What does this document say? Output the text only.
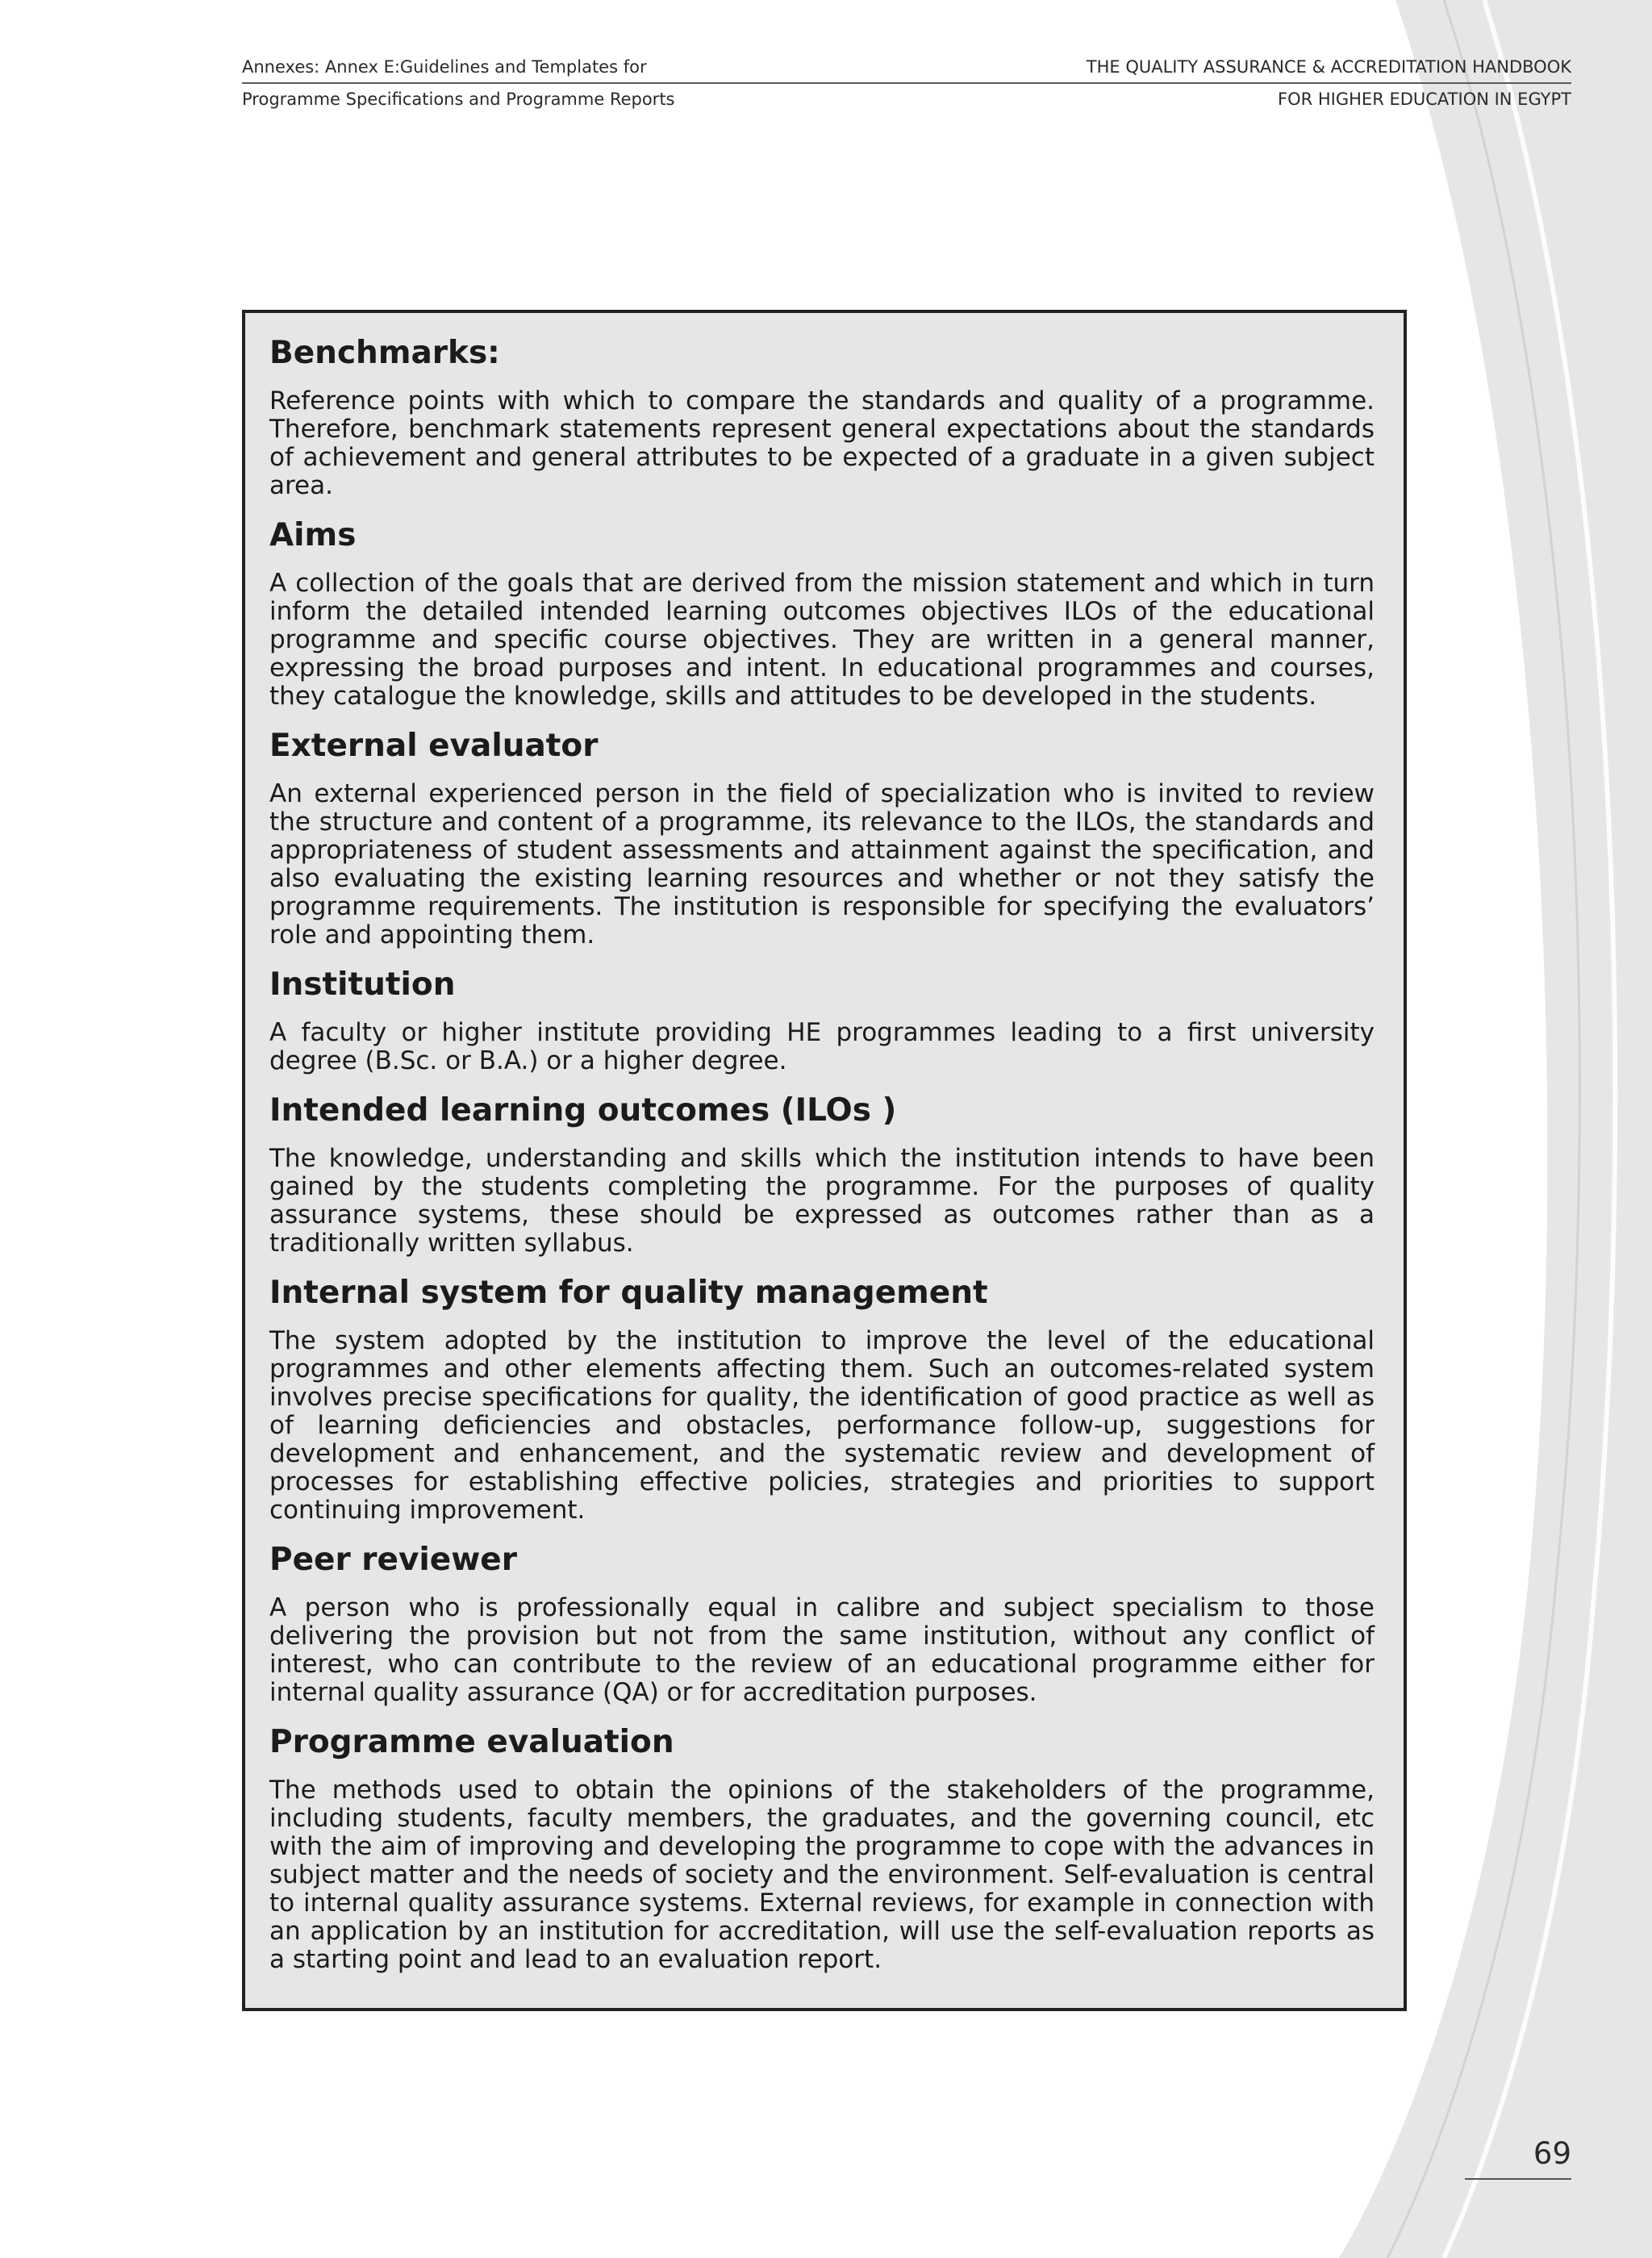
Annexes: Annex E:Guidelines and Templates for	THE QUALITY ASSURANCE & ACCREDITATION HANDBOOK
Programme Specifications and Programme Reports	FOR HIGHER EDUCATION IN EGYPT
Benchmarks:

Reference points with which to compare the standards and quality of a programme. Therefore, benchmark statements represent general expectations about the standards of achievement and general attributes to be expected of a graduate in a given subject area.

Aims

A collection of the goals that are derived from the mission statement and which in turn inform the detailed intended learning outcomes objectives ILOs of the educational programme and specific course objectives. They are written in a general manner, expressing the broad purposes and intent. In educational programmes and courses, they catalogue the knowledge, skills and attitudes to be developed in the students.

External evaluator

An external experienced person in the field of specialization who is invited to review the structure and content of a programme, its relevance to the ILOs, the standards and appropriateness of student assessments and attainment against the specification, and also evaluating the existing learning resources and whether or not they satisfy the programme requirements. The institution is responsible for specifying the evaluators’ role and appointing them.

Institution

A faculty or higher institute providing HE programmes leading to a first university degree (B.Sc. or B.A.) or a higher degree.

Intended learning outcomes (ILOs )

The knowledge, understanding and skills which the institution intends to have been gained by the students completing the programme. For the purposes of quality assurance systems, these should be expressed as outcomes rather than as a traditionally written syllabus.

Internal system for quality management

The system adopted by the institution to improve the level of the educational programmes and other elements affecting them. Such an outcomes-related system involves precise specifications for quality, the identification of good practice as well as of learning deficiencies and obstacles, performance follow-up, suggestions for development and enhancement, and the systematic review and development of processes for establishing effective policies, strategies and priorities to support continuing improvement.

Peer reviewer

A person who is professionally equal in calibre and subject specialism to those delivering the provision but not from the same institution, without any conflict of interest, who can contribute to the review of an educational programme either for internal quality assurance (QA) or for accreditation purposes.

Programme evaluation

The methods used to obtain the opinions of the stakeholders of the programme, including students, faculty members, the graduates, and the governing council, etc with the aim of improving and developing the programme to cope with the advances in subject matter and the needs of society and the environment. Self-evaluation is central to internal quality assurance systems. External reviews, for example in connection with an application by an institution for accreditation, will use the self-evaluation reports as a starting point and lead to an evaluation report.

69
